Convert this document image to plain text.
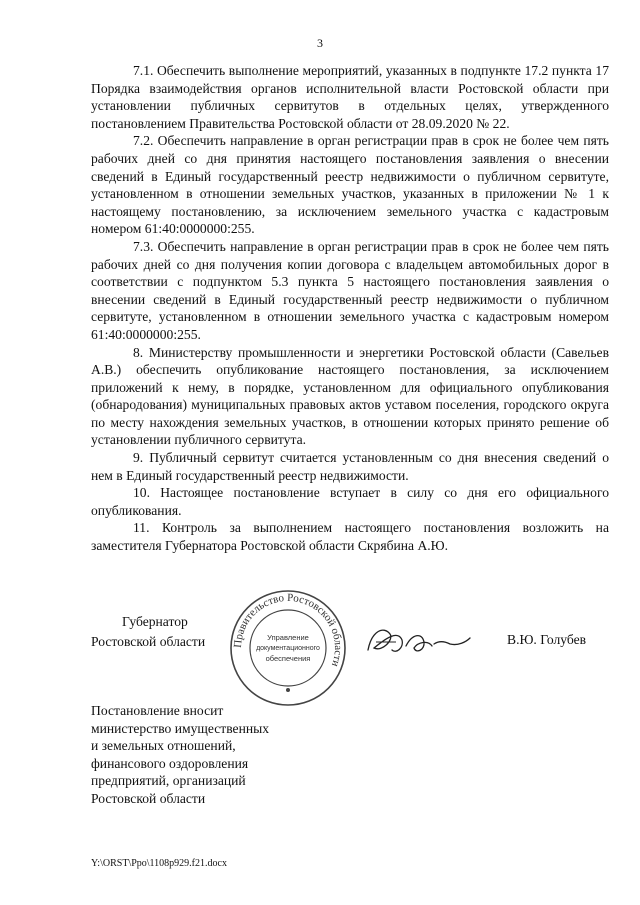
3

7.1. Обеспечить выполнение мероприятий, указанных в подпункте 17.2 пункта 17 Порядка взаимодействия органов исполнительной власти Ростовской области при установлении публичных сервитутов в отдельных целях, утвержденного постановлением Правительства Ростовской области от 28.09.2020 № 22.

7.2. Обеспечить направление в орган регистрации прав в срок не более чем пять рабочих дней со дня принятия настоящего постановления заявления о внесении сведений в Единый государственный реестр недвижимости о публичном сервитуте, установленном в отношении земельных участков, указанных в приложении № 1 к настоящему постановлению, за исключением земельного участка с кадастровым номером 61:40:0000000:255.

7.3. Обеспечить направление в орган регистрации прав в срок не более чем пять рабочих дней со дня получения копии договора с владельцем автомобильных дорог в соответствии с подпунктом 5.3 пункта 5 настоящего постановления заявления о внесении сведений в Единый государственный реестр недвижимости о публичном сервитуте, установленном в отношении земельного участка с кадастровым номером 61:40:0000000:255.

8. Министерству промышленности и энергетики Ростовской области (Савельев А.В.) обеспечить опубликование настоящего постановления, за исключением приложений к нему, в порядке, установленном для официального опубликования (обнародования) муниципальных правовых актов уставом поселения, городского округа по месту нахождения земельных участков, в отношении которых принято решение об установлении публичного сервитута.

9. Публичный сервитут считается установленным со дня внесения сведений о нем в Единый государственный реестр недвижимости.

10. Настоящее постановление вступает в силу со дня его официального опубликования.

11. Контроль за выполнением настоящего постановления возложить на заместителя Губернатора Ростовской области Скрябина А.Ю.

Губернатор
Ростовской области Правительство Ростовской области
Управление
документационного
обеспечения
В.Ю. Голубев
Постановление вносит
министерство имущественных
и земельных отношений,
финансового оздоровления
предприятий, организаций
Ростовской области
Y:\ORST\Ppo\1108p929.f21.docx
